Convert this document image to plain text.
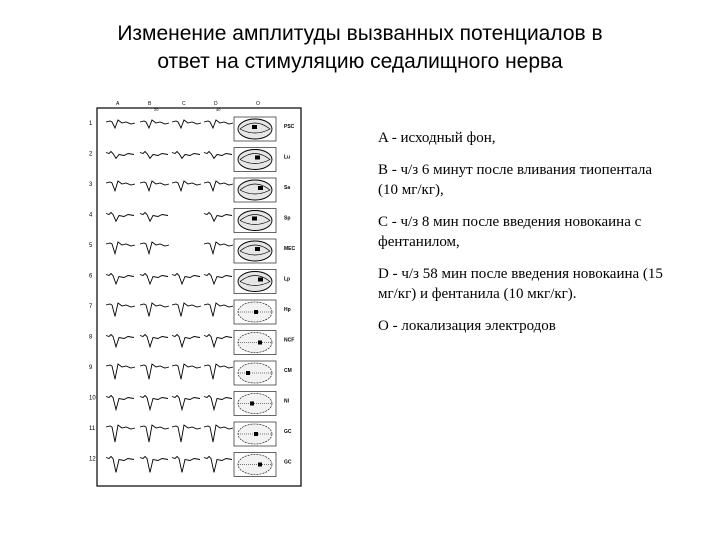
Изменение амплитуды вызванных потенциалов в
ответ на стимуляцию седалищного нерва
A	B	C	D	O
20	40
1	PSC
2	Lu
3	Sa
4	Sp
5	MEC
6	Lp
7	Hp
8	NCF
9	CM
10	Nl
11	GC
12	GC

A - исходный фон,

B - ч/з 6 минут после вливания тиопентала (10 мг/кг),

C - ч/з 8 мин после введения новокаина с фентанилом,

D - ч/з 58 мин после введения новокаина (15 мг/кг) и фентанила (10 мкг/кг).

O - локализация электродов
